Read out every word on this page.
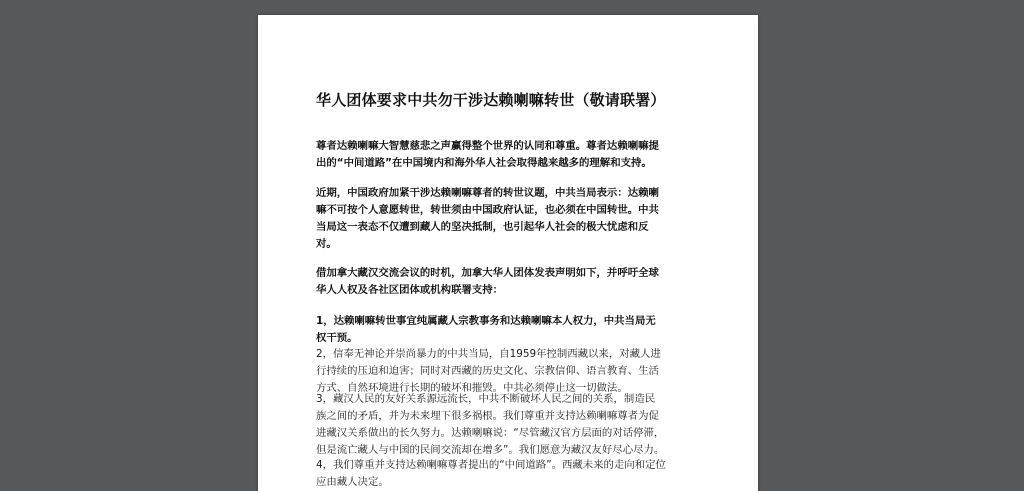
华人团体要求中共勿干涉达赖喇嘛转世（敬请联署）
尊者达赖喇嘛大智慧慈悲之声赢得整个世界的认同和尊重。尊者达赖喇嘛提
出的“中间道路”在中国境内和海外华人社会取得越来越多的理解和支持。
近期，中国政府加紧干涉达赖喇嘛尊者的转世议题，中共当局表示：达赖喇
嘛不可按个人意愿转世，转世须由中国政府认证，也必须在中国转世。中共
当局这一表态不仅遭到藏人的坚决抵制，也引起华人社会的极大忧虑和反
对。
借加拿大藏汉交流会议的时机，加拿大华人团体发表声明如下，并呼吁全球
华人人权及各社区团体或机构联署支持：
1，达赖喇嘛转世事宜纯属藏人宗教事务和达赖喇嘛本人权力，中共当局无
权干预。
2，信奉无神论并崇尚暴力的中共当局，自1959年控制西藏以来，对藏人进
行持续的压迫和迫害；同时对西藏的历史文化、宗教信仰、语言教育、生活
方式、自然环境进行长期的破坏和摧毁。中共必须停止这一切做法。
3，藏汉人民的友好关系源远流长，中共不断破坏人民之间的关系，制造民
族之间的矛盾，并为未来埋下很多祸根。我们尊重并支持达赖喇嘛尊者为促
进藏汉关系做出的长久努力。达赖喇嘛说：“尽管藏汉官方层面的对话停滞，
但是流亡藏人与中国的民间交流却在增多”。我们愿意为藏汉友好尽心尽力。
4，我们尊重并支持达赖喇嘛尊者提出的“中间道路”。西藏未来的走向和定位
应由藏人决定。
